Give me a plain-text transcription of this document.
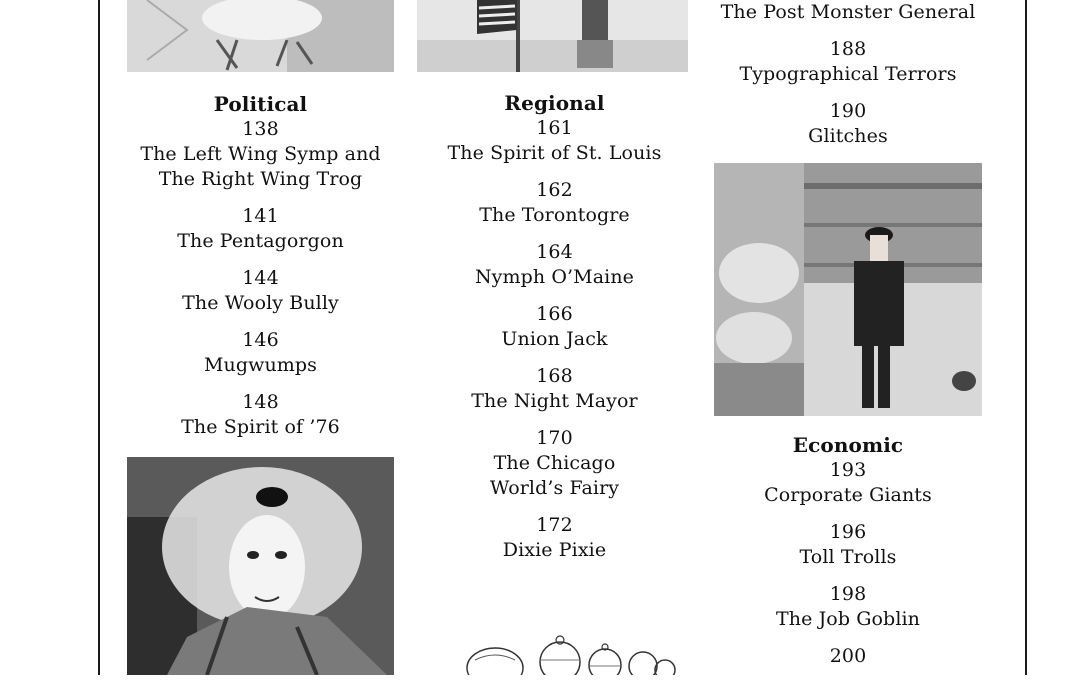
Political
138
The Left Wing Symp and
The Right Wing Trog
141
The Pentagorgon
144
The Wooly Bully
146
Mugwumps
148
The Spirit of ’76
Regional
161
The Spirit of St. Louis
162
The Torontogre
164
Nymph O’Maine
166
Union Jack
168
The Night Mayor
170
The Chicago
World’s Fairy
172
Dixie Pixie
The Post Monster General
188
Typographical Terrors
190
Glitches
Economic
193
Corporate Giants
196
Toll Trolls
198
The Job Goblin
200
